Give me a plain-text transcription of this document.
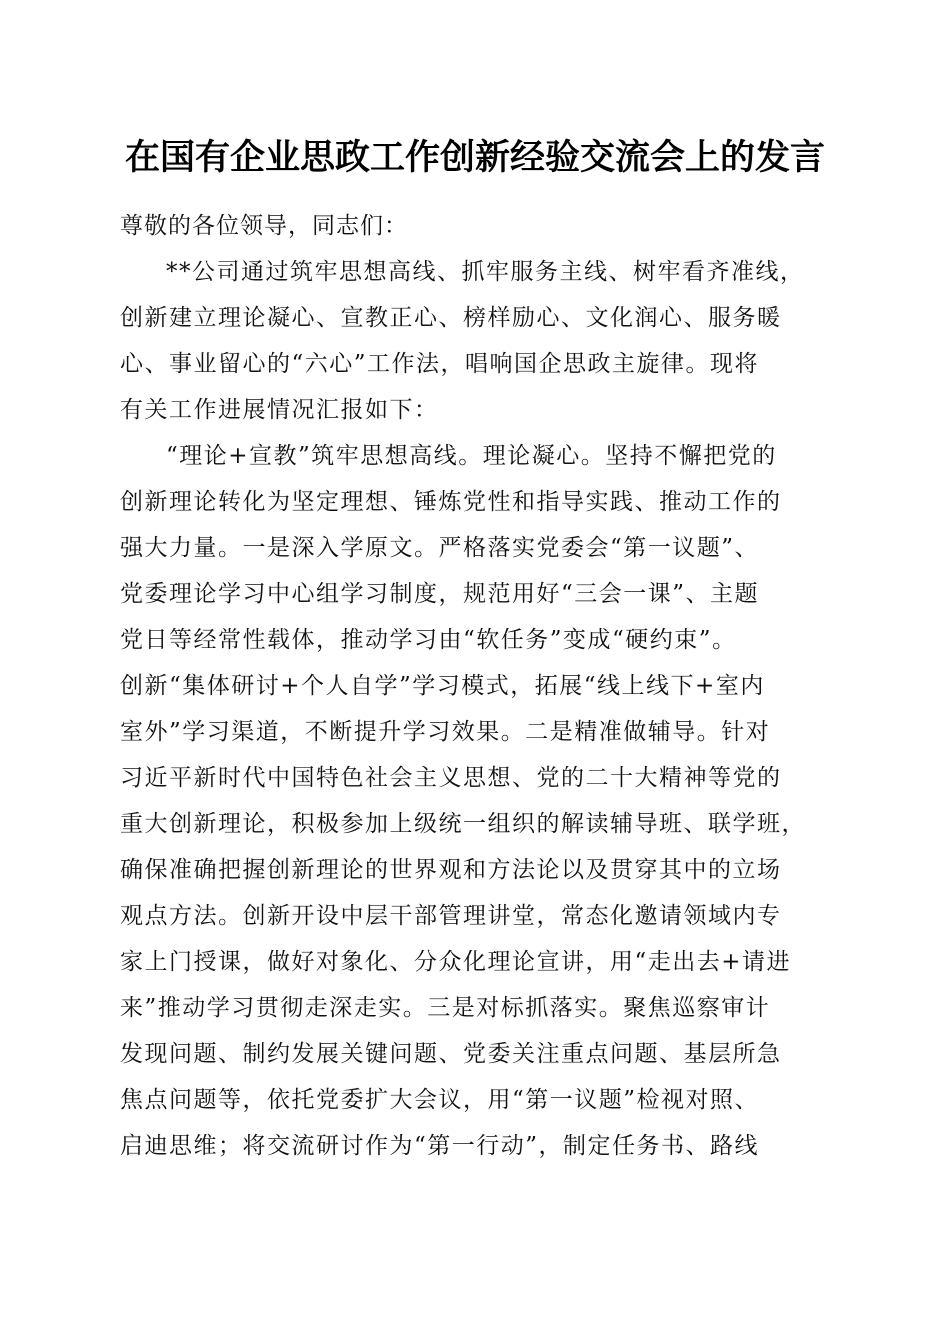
在国有企业思政工作创新经验交流会上的发言

尊敬的各位领导，同志们：

**公司通过筑牢思想高线、抓牢服务主线、树牢看齐准线，

创新建立理论凝心、宣教正心、榜样励心、文化润心、服务暖

心、事业留心的“六心”工作法，唱响国企思政主旋律。现将

有关工作进展情况汇报如下：

“理论+宣教”筑牢思想高线。理论凝心。坚持不懈把党的

创新理论转化为坚定理想、锤炼党性和指导实践、推动工作的

强大力量。一是深入学原文。严格落实党委会“第一议题”、

党委理论学习中心组学习制度，规范用好“三会一课”、主题

党日等经常性载体，推动学习由“软任务”变成“硬约束”。

创新“集体研讨+个人自学”学习模式，拓展“线上线下+室内

室外”学习渠道，不断提升学习效果。二是精准做辅导。针对

习近平新时代中国特色社会主义思想、党的二十大精神等党的

重大创新理论，积极参加上级统一组织的解读辅导班、联学班，

确保准确把握创新理论的世界观和方法论以及贯穿其中的立场

观点方法。创新开设中层干部管理讲堂，常态化邀请领域内专

家上门授课，做好对象化、分众化理论宣讲，用“走出去+请进

来”推动学习贯彻走深走实。三是对标抓落实。聚焦巡察审计

发现问题、制约发展关键问题、党委关注重点问题、基层所急

焦点问题等，依托党委扩大会议，用“第一议题”检视对照、

启迪思维；将交流研讨作为“第一行动”，制定任务书、路线
